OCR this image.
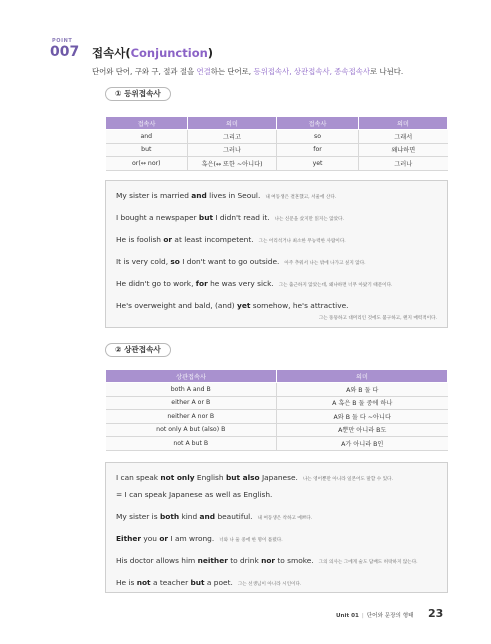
POINT
007 접속사(Conjunction)
단어와 단어, 구와 구, 절과 절을 연결하는 단어로, 등위접속사, 상관접속사, 종속접속사로 나뉜다.
① 등위접속사
접속사	의미	접속사	의미
and	그리고	so	그래서
but	그러나	for	왜냐하면
or(↔ nor)	혹은(↔ 또한 ~아니다)	yet	그러나
My sister is married and lives in Seoul. 내 여동생은 결혼했고, 서울에 산다.
I bought a newspaper but I didn't read it. 나는 신문을 샀지만 읽지는 않았다.
He is foolish or at least incompetent. 그는 어리석거나 최소한 무능력한 사람이다.
It is very cold, so I don't want to go outside. 아주 추워서 나는 밖에 나가고 싶지 않다.
He didn't go to work, for he was very sick. 그는 출근하지 않았는데, 왜냐하면 너무 아팠기 때문이다.
He's overweight and bald, (and) yet somehow, he's attractive.
그는 뚱뚱하고 대머리인 것에도 불구하고, 왠지 매력적이다.
② 상관접속사
상관접속사	의미
both A and B	A와 B 둘 다
either A or B	A 혹은 B 둘 중에 하나
neither A nor B	A와 B 둘 다 ~아니다
not only A but (also) B	A뿐만 아니라 B도
not A but B	A가 아니라 B인
I can speak not only English but also Japanese. 나는 영어뿐만 아니라 일본어도 말할 수 있다.
= I can speak Japanese as well as English.
My sister is both kind and beautiful. 내 여동생은 착하고 예쁘다.
Either you or I am wrong. 너와 나 둘 중에 한 명이 틀렸다.
His doctor allows him neither to drink nor to smoke. 그의 의사는 그에게 술도 담배도 허락하지 않는다.
He is not a teacher but a poet. 그는 선생님이 아니라 시인이다.
Unit 01 | 단어와 문장의 형태 23
